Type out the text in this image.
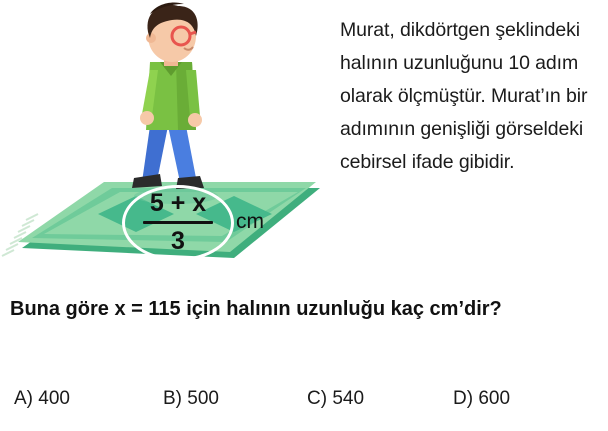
5 + x
3
cm
Murat, dikdörtgen şeklindeki halının uzunluğunu 10 adım olarak ölçmüştür. Murat’ın bir adımının genişliği görseldeki cebirsel ifade gibidir.
Buna göre x = 115 için halının uzunluğu kaç cm’dir?
A) 400	B) 500	C) 540	D) 600
